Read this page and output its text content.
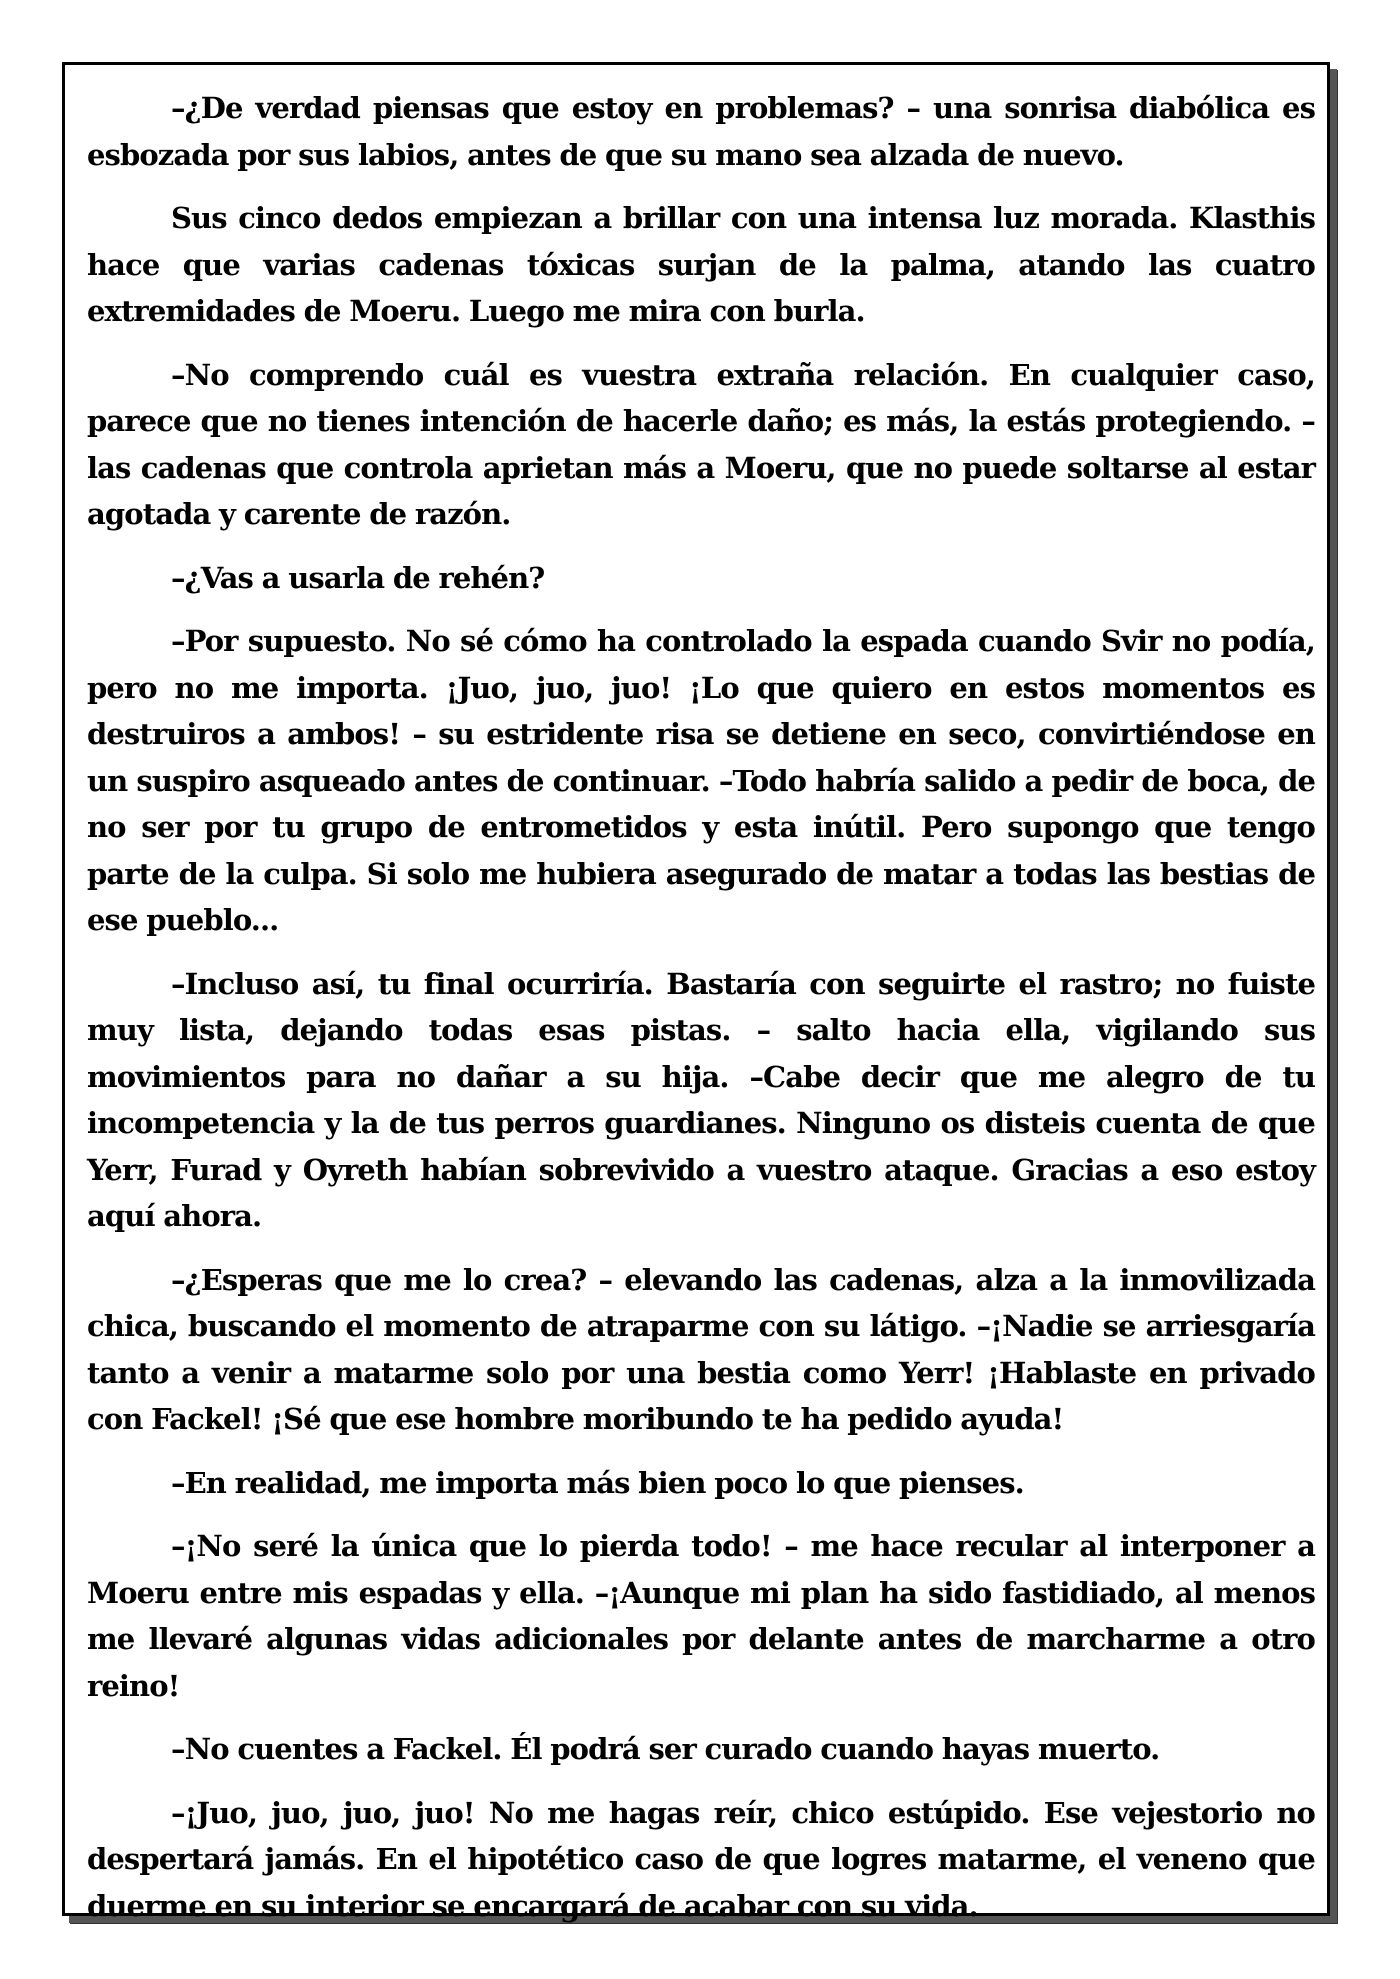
–¿De verdad piensas que estoy en problemas? – una sonrisa diabólica es esbozada por sus labios, antes de que su mano sea alzada de nuevo.

Sus cinco dedos empiezan a brillar con una intensa luz morada. Klasthis hace que varias cadenas tóxicas surjan de la palma, atando las cuatro extremidades de Moeru. Luego me mira con burla.

–No comprendo cuál es vuestra extraña relación. En cualquier caso, parece que no tienes intención de hacerle daño; es más, la estás protegiendo. – las cadenas que controla aprietan más a Moeru, que no puede soltarse al estar agotada y carente de razón.

–¿Vas a usarla de rehén?

–Por supuesto. No sé cómo ha controlado la espada cuando Svir no podía, pero no me importa. ¡Juo, juo, juo! ¡Lo que quiero en estos momentos es destruiros a ambos! – su estridente risa se detiene en seco, convirtiéndose en un suspiro asqueado antes de continuar. –Todo habría salido a pedir de boca, de no ser por tu grupo de entrometidos y esta inútil. Pero supongo que tengo parte de la culpa. Si solo me hubiera asegurado de matar a todas las bestias de ese pueblo...

–Incluso así, tu final ocurriría. Bastaría con seguirte el rastro; no fuiste muy lista, dejando todas esas pistas. – salto hacia ella, vigilando sus movimientos para no dañar a su hija. –Cabe decir que me alegro de tu incompetencia y la de tus perros guardianes. Ninguno os disteis cuenta de que Yerr, Furad y Oyreth habían sobrevivido a vuestro ataque. Gracias a eso estoy aquí ahora.

–¿Esperas que me lo crea? – elevando las cadenas, alza a la inmovilizada chica, buscando el momento de atraparme con su látigo. –¡Nadie se arriesgaría tanto a venir a matarme solo por una bestia como Yerr! ¡Hablaste en privado con Fackel! ¡Sé que ese hombre moribundo te ha pedido ayuda!

–En realidad, me importa más bien poco lo que pienses.

–¡No seré la única que lo pierda todo! – me hace recular al interponer a Moeru entre mis espadas y ella. –¡Aunque mi plan ha sido fastidiado, al menos me llevaré algunas vidas adicionales por delante antes de marcharme a otro reino!

–No cuentes a Fackel. Él podrá ser curado cuando hayas muerto.

–¡Juo, juo, juo, juo! No me hagas reír, chico estúpido. Ese vejestorio no despertará jamás. En el hipotético caso de que logres matarme, el veneno que duerme en su interior se encargará de acabar con su vida.
